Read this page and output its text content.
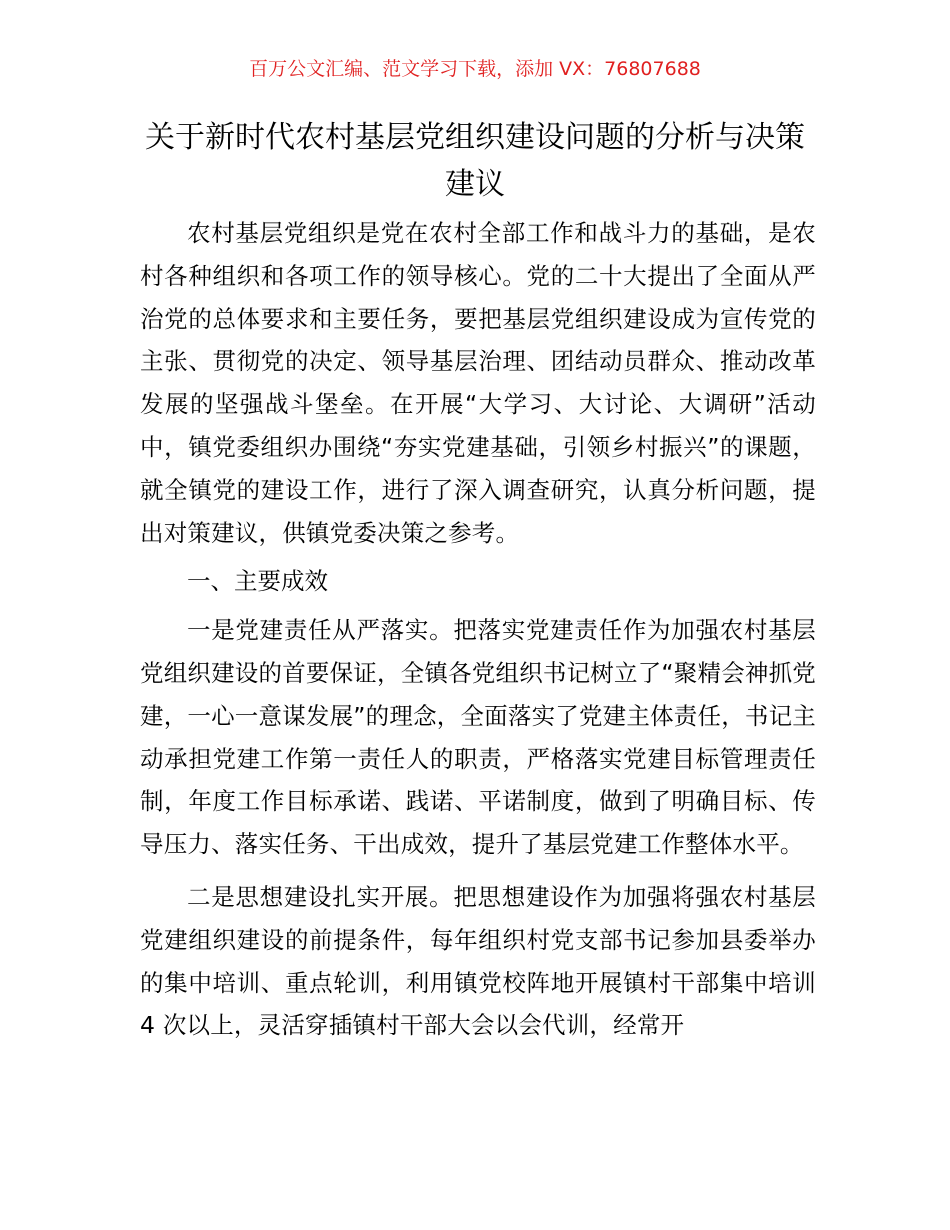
百万公文汇编、范文学习下载，添加 VX：76807688
关于新时代农村基层党组织建设问题的分析与决策建议

农村基层党组织是党在农村全部工作和战斗力的基础，是农村各种组织和各项工作的领导核心。党的二十大提出了全面从严治党的总体要求和主要任务，要把基层党组织建设成为宣传党的主张、贯彻党的决定、领导基层治理、团结动员群众、推动改革发展的坚强战斗堡垒。在开展“大学习、大讨论、大调研”活动中，镇党委组织办围绕“夯实党建基础，引领乡村振兴”的课题，就全镇党的建设工作，进行了深入调查研究，认真分析问题，提出对策建议，供镇党委决策之参考。

一、主要成效

一是党建责任从严落实。把落实党建责任作为加强农村基层党组织建设的首要保证，全镇各党组织书记树立了“聚精会神抓党建，一心一意谋发展”的理念，全面落实了党建主体责任，书记主动承担党建工作第一责任人的职责，严格落实党建目标管理责任制，年度工作目标承诺、践诺、平诺制度，做到了明确目标、传导压力、落实任务、干出成效，提升了基层党建工作整体水平。

二是思想建设扎实开展。把思想建设作为加强将强农村基层党建组织建设的前提条件，每年组织村党支部书记参加县委举办的集中培训、重点轮训，利用镇党校阵地开展镇村干部集中培训 4 次以上，灵活穿插镇村干部大会以会代训，经常开
